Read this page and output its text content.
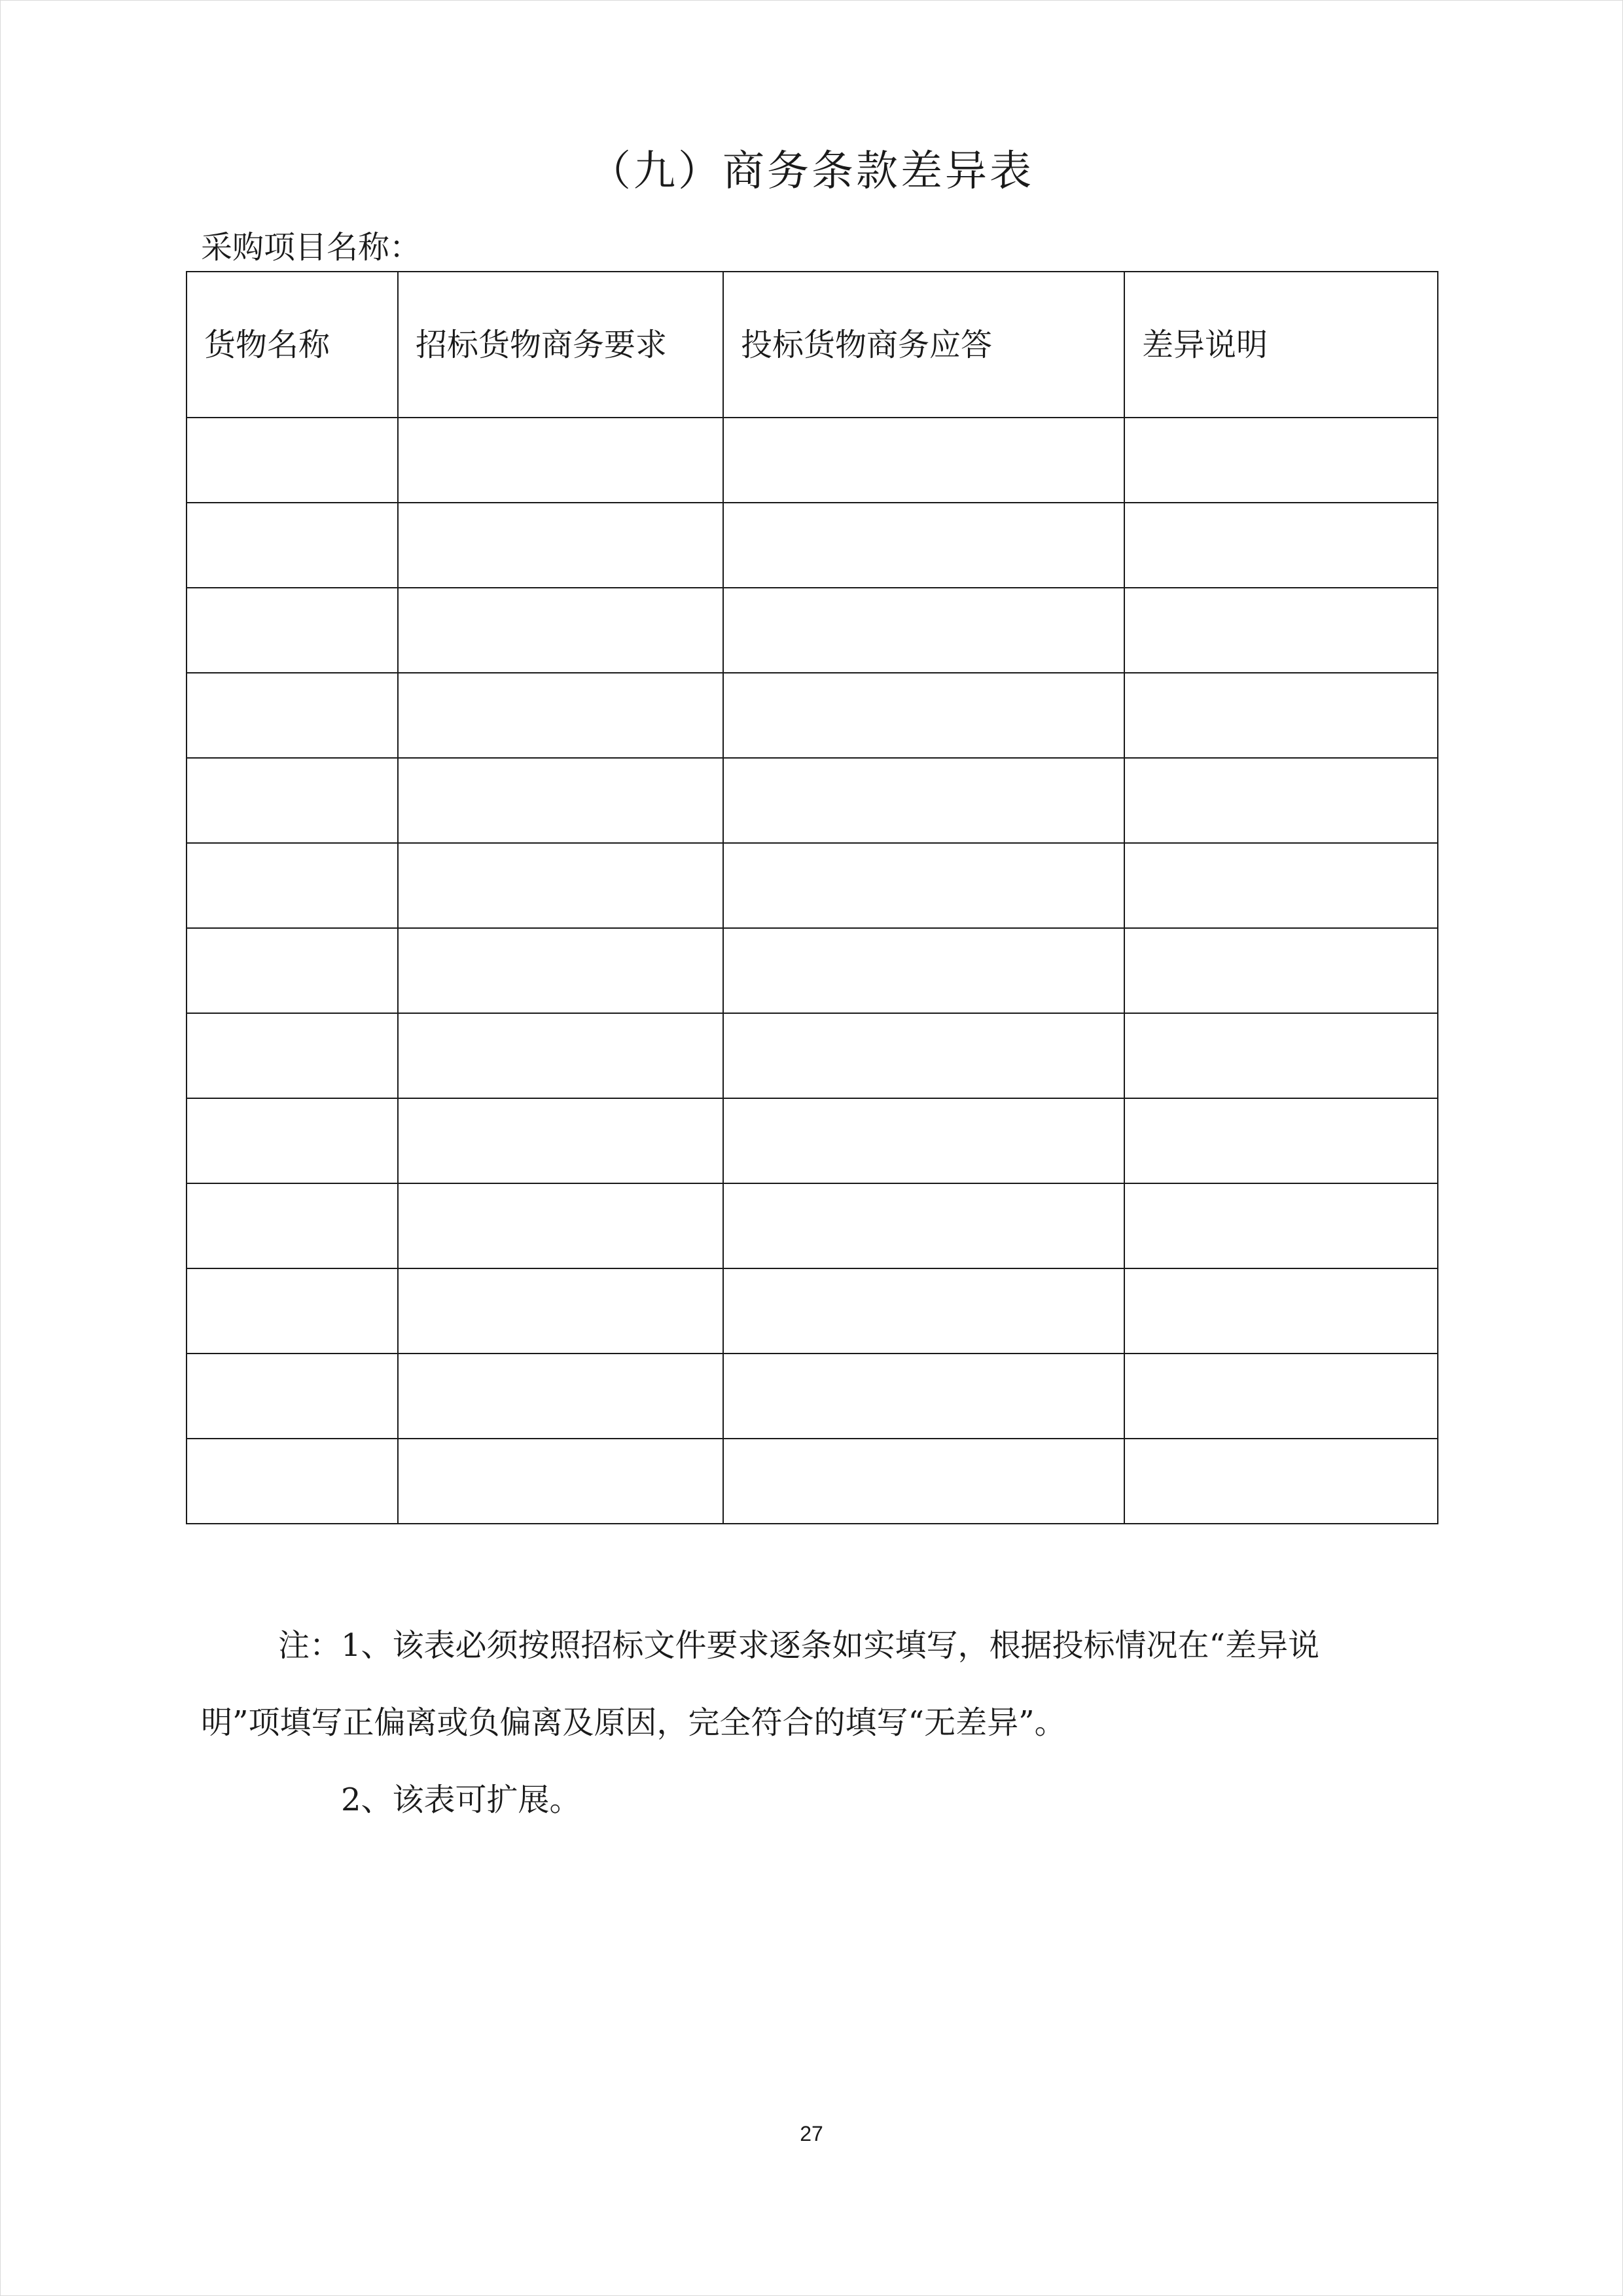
（九）商务条款差异表
采购项目名称：
货物名称	招标货物商务要求	投标货物商务应答	差异说明

注：1、该表必须按照招标文件要求逐条如实填写，根据投标情况在“差异说明”项填写正偏离或负偏离及原因，完全符合的填写“无差异”。

2、该表可扩展。

27
